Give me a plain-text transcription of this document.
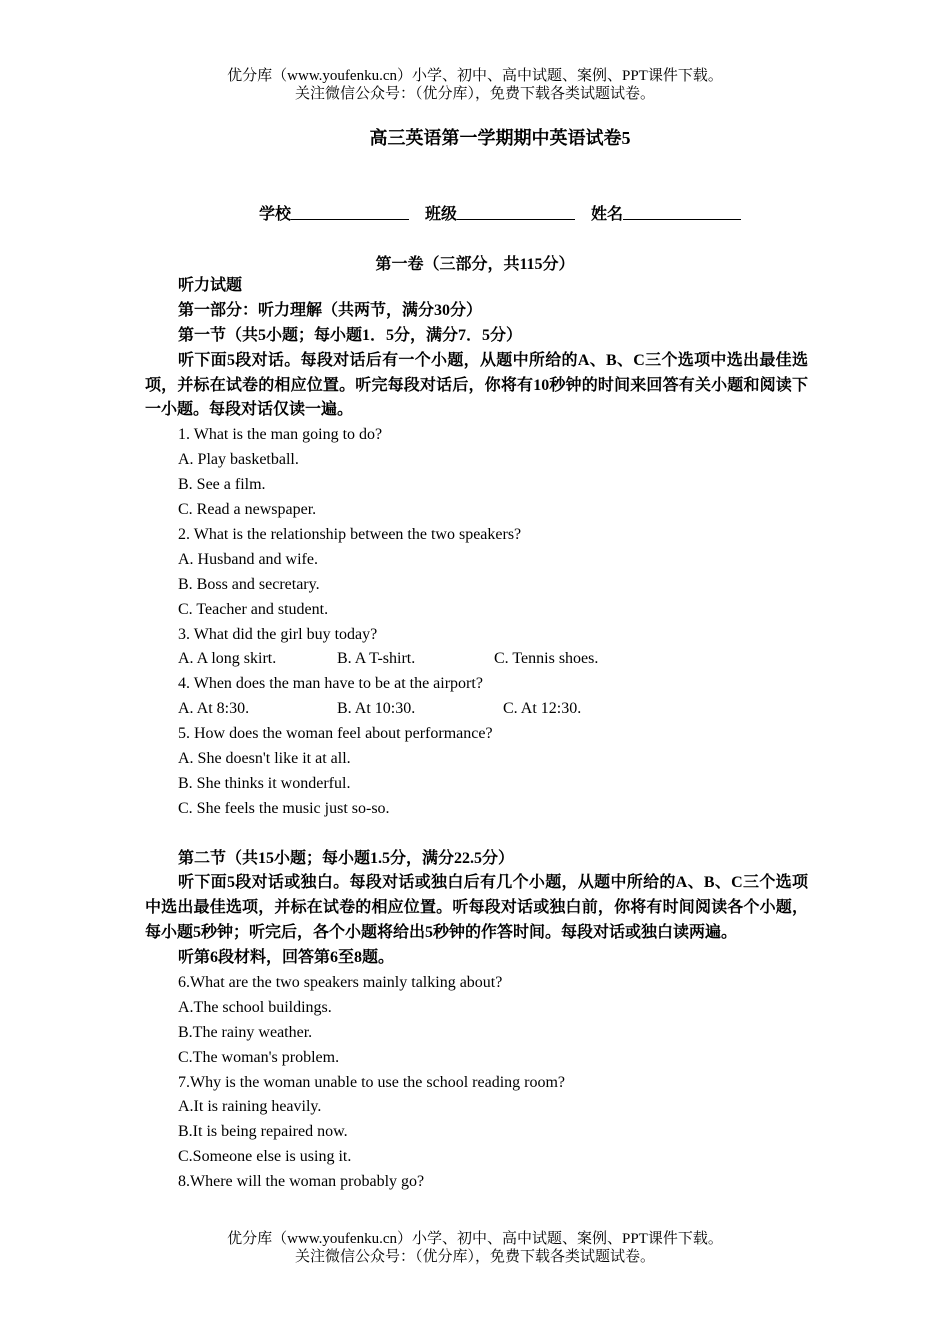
优分库（www.youfenku.cn）小学、初中、高中试题、案例、PPT课件下载。
关注微信公众号：（优分库），免费下载各类试题试卷。
高三英语第一学期期中英语试卷5
学校	班级	姓名
第一卷（三部分，共115分）
听力试题
第一部分：听力理解（共两节，满分30分）
第一节（共5小题；每小题1．5分，满分7．5分）
听下面5段对话。每段对话后有一个小题，从题中所给的A、B、C三个选项中选出最佳选项，并标在试卷的相应位置。听完每段对话后，你将有10秒钟的时间来回答有关小题和阅读下一小题。每段对话仅读一遍。
1. What is the man going to do?
A. Play basketball.
B. See a film.
C. Read a newspaper.
2. What is the relationship between the two speakers?
A. Husband and wife.
B. Boss and secretary.
C. Teacher and student.
3. What did the girl buy today?
A. A long skirt.	B. A T-shirt.	C. Tennis shoes.
4. When does the man have to be at the airport?
A. At 8:30.	B. At 10:30.	C. At 12:30.
5. How does the woman feel about performance?
A. She doesn't like it at all.
B. She thinks it wonderful.
C. She feels the music just so-so.
第二节（共15小题；每小题1.5分，满分22.5分）
听下面5段对话或独白。每段对话或独白后有几个小题，从题中所给的A、B、C三个选项中选出最佳选项，并标在试卷的相应位置。听每段对话或独白前，你将有时间阅读各个小题，每小题5秒钟；听完后，各个小题将给出5秒钟的作答时间。每段对话或独白读两遍。
听第6段材料，回答第6至8题。
6.What are the two speakers mainly talking about?
A.The school buildings.
B.The rainy weather.
C.The woman's problem.
7.Why is the woman unable to use the school reading room?
A.It is raining heavily.
B.It is being repaired now.
C.Someone else is using it.
8.Where will the woman probably go?
优分库（www.youfenku.cn）小学、初中、高中试题、案例、PPT课件下载。
关注微信公众号：（优分库），免费下载各类试题试卷。
